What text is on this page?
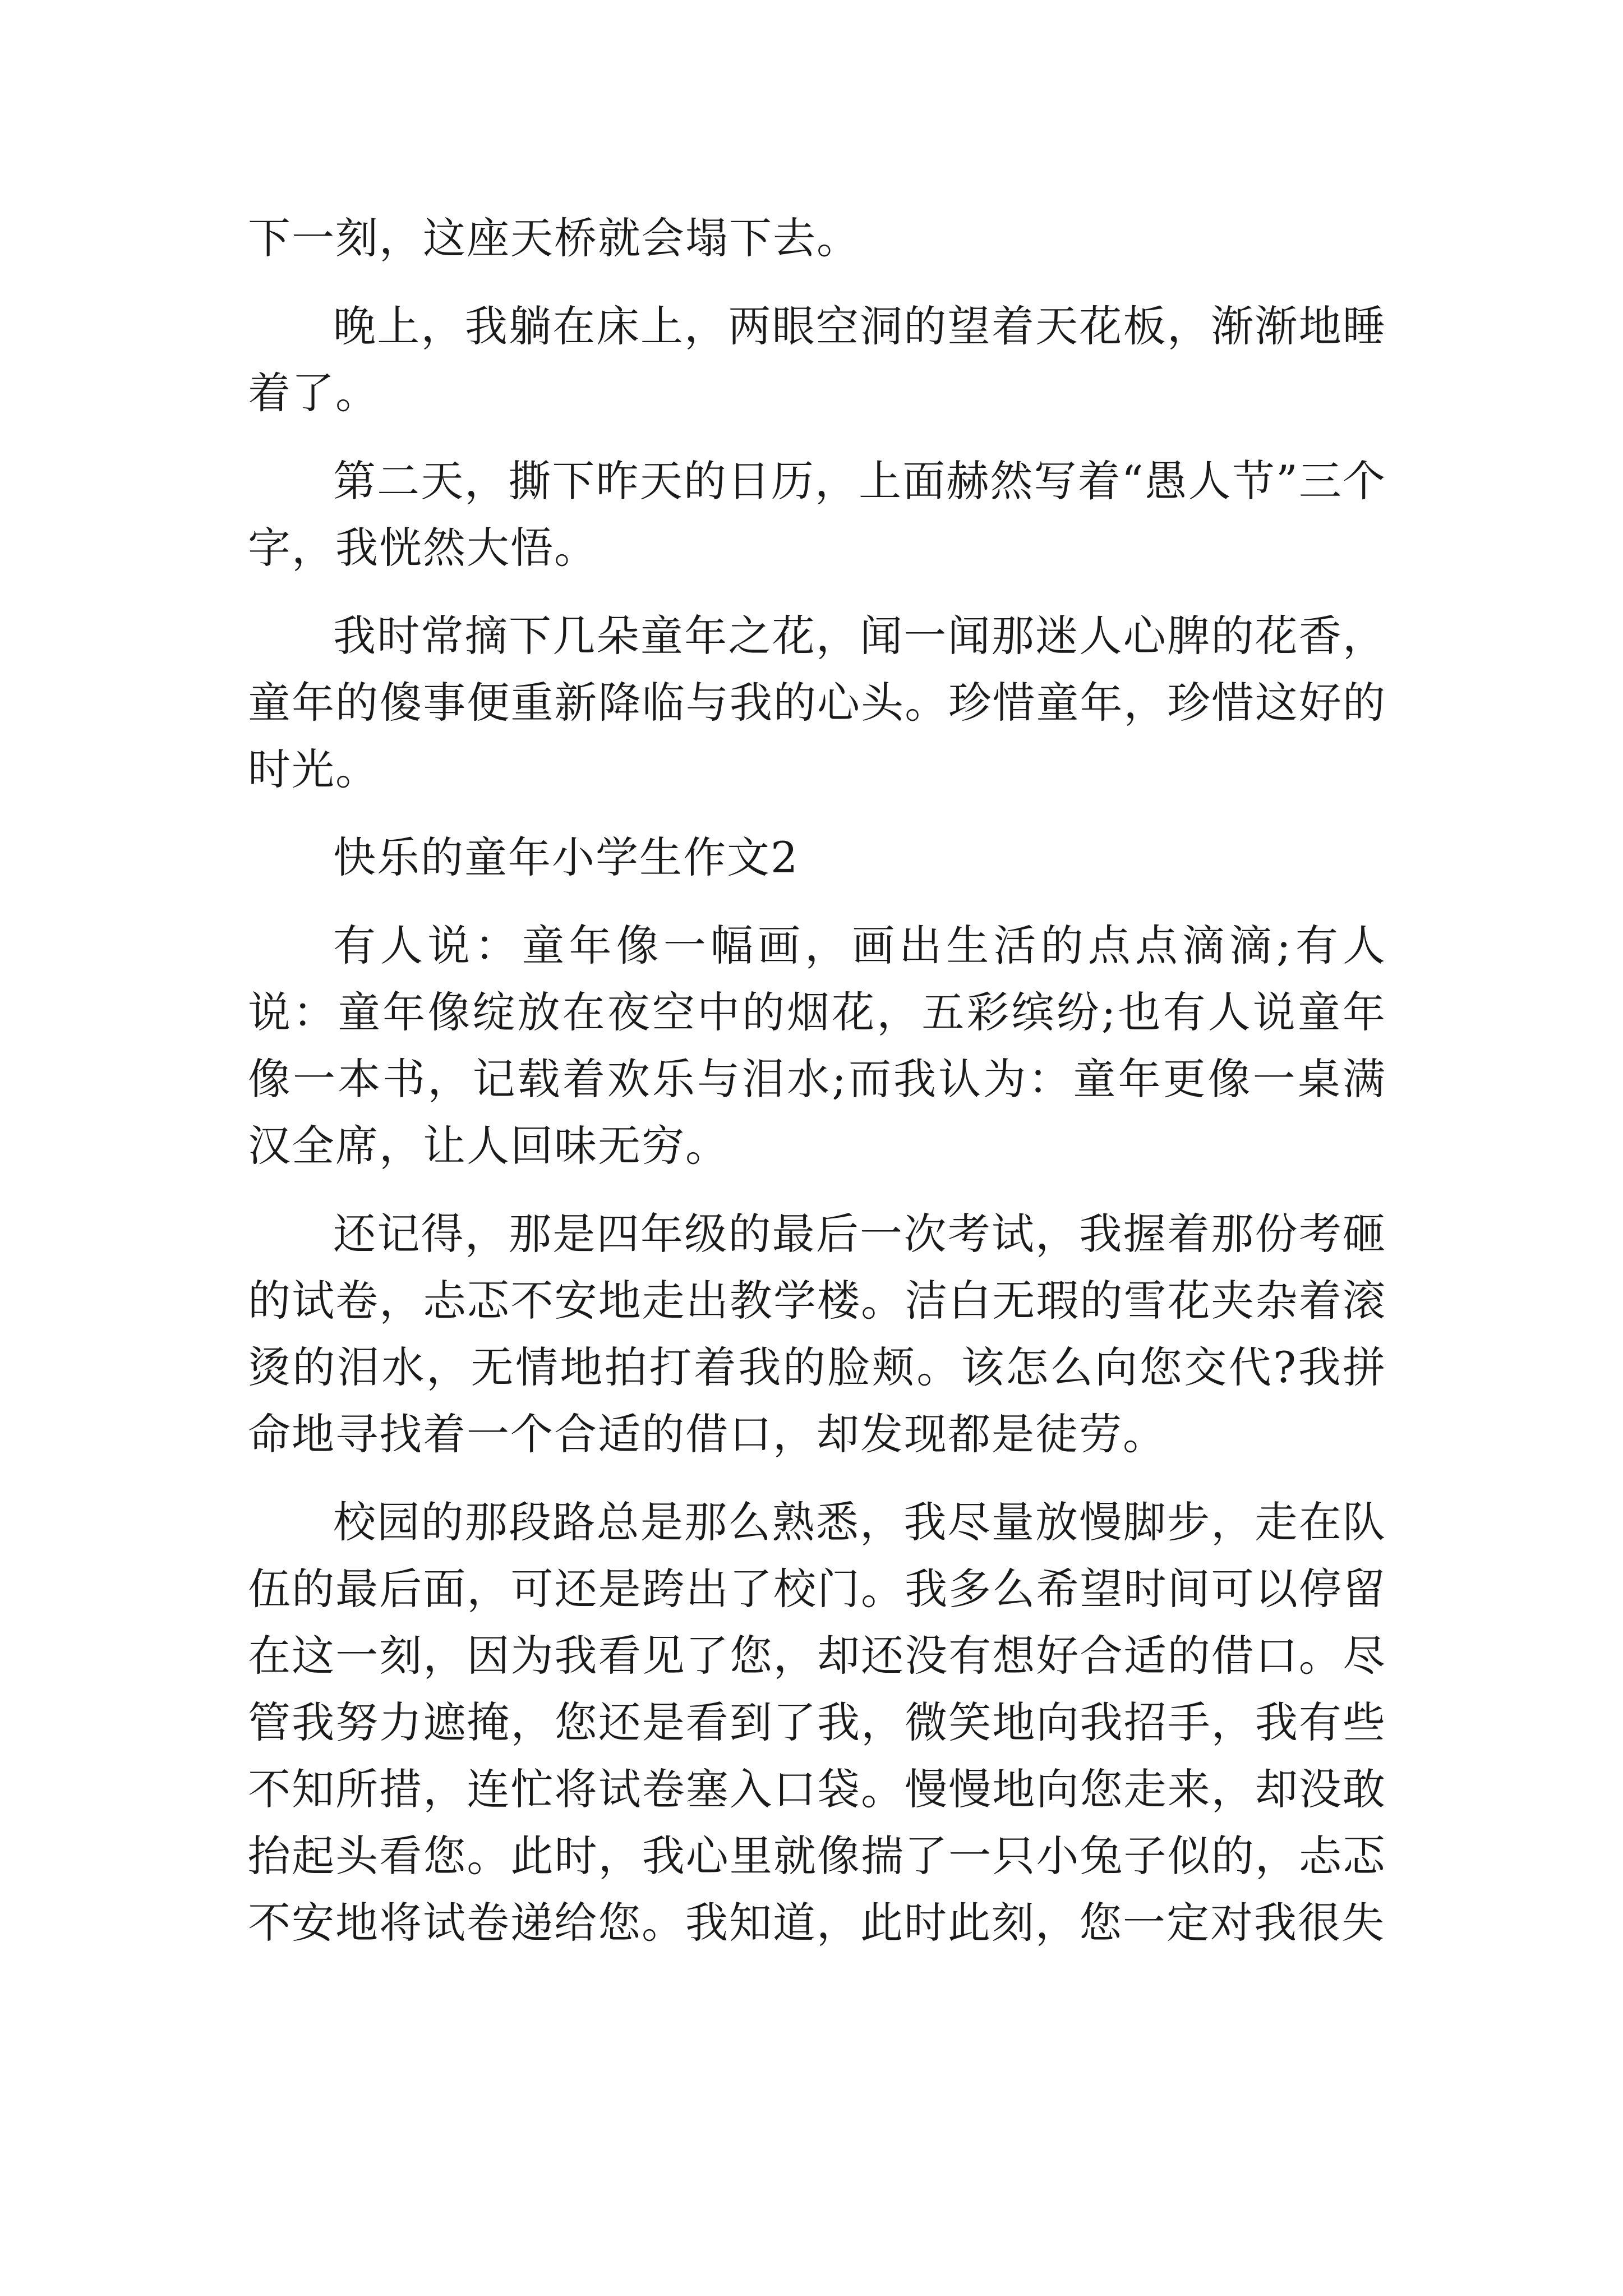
下一刻，这座天桥就会塌下去。

晚上，我躺在床上，两眼空洞的望着天花板，渐渐地睡着了。

第二天，撕下昨天的日历，上面赫然写着“愚人节”三个字，我恍然大悟。

我时常摘下几朵童年之花，闻一闻那迷人心脾的花香，童年的傻事便重新降临与我的心头。珍惜童年，珍惜这好的时光。

快乐的童年小学生作文2

有人说：童年像一幅画，画出生活的点点滴滴;有人说：童年像绽放在夜空中的烟花，五彩缤纷;也有人说童年像一本书，记载着欢乐与泪水;而我认为：童年更像一桌满汉全席，让人回味无穷。

还记得，那是四年级的最后一次考试，我握着那份考砸的试卷，忐忑不安地走出教学楼。洁白无瑕的雪花夹杂着滚烫的泪水，无情地拍打着我的脸颊。该怎么向您交代?我拼命地寻找着一个合适的借口，却发现都是徒劳。

校园的那段路总是那么熟悉，我尽量放慢脚步，走在队伍的最后面，可还是跨出了校门。我多么希望时间可以停留在这一刻，因为我看见了您，却还没有想好合适的借口。尽管我努力遮掩，您还是看到了我，微笑地向我招手，我有些不知所措，连忙将试卷塞入口袋。慢慢地向您走来，却没敢抬起头看您。此时，我心里就像揣了一只小兔子似的，忐忑不安地将试卷递给您。我知道，此时此刻，您一定对我很失
